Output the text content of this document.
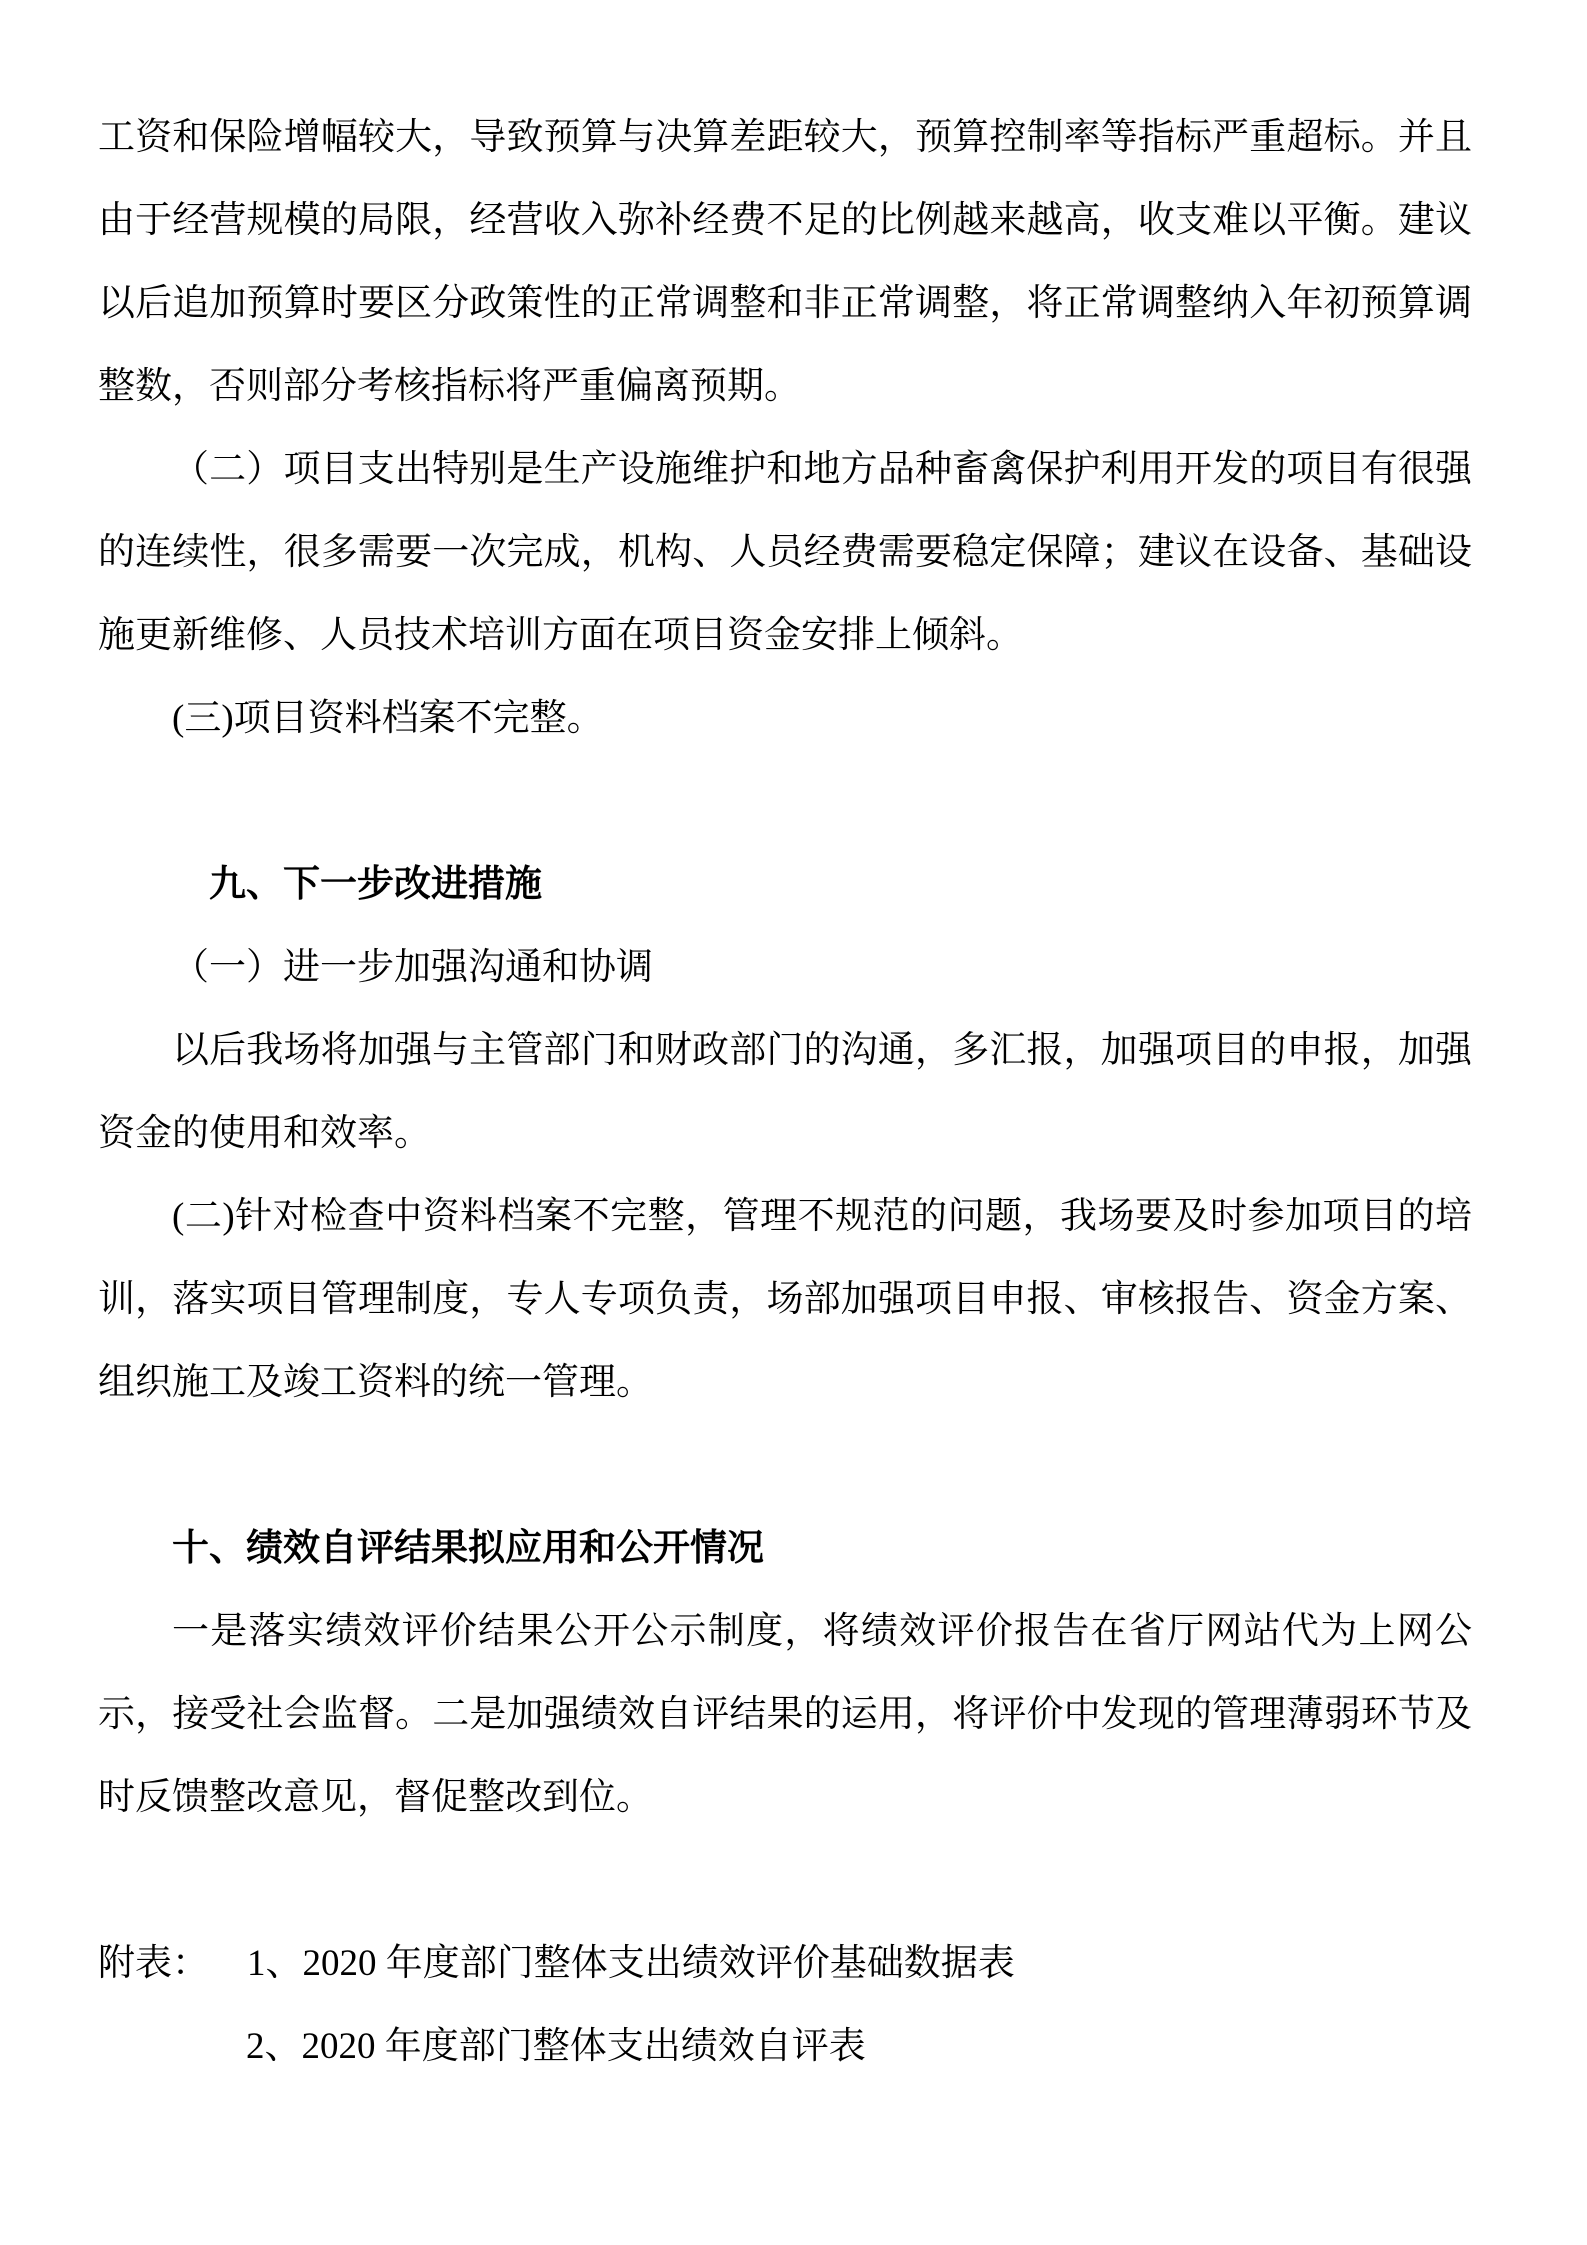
工资和保险增幅较大，导致预算与决算差距较大，预算控制率等指标严重超标。并且由于经营规模的局限，经营收入弥补经费不足的比例越来越高，收支难以平衡。建议以后追加预算时要区分政策性的正常调整和非正常调整，将正常调整纳入年初预算调整数，否则部分考核指标将严重偏离预期。

（二）项目支出特别是生产设施维护和地方品种畜禽保护利用开发的项目有很强的连续性，很多需要一次完成，机构、人员经费需要稳定保障；建议在设备、基础设施更新维修、人员技术培训方面在项目资金安排上倾斜。

(三)项目资料档案不完整。

九、下一步改进措施

（一）进一步加强沟通和协调

以后我场将加强与主管部门和财政部门的沟通，多汇报，加强项目的申报，加强资金的使用和效率。

(二)针对检查中资料档案不完整，管理不规范的问题，我场要及时参加项目的培训，落实项目管理制度，专人专项负责，场部加强项目申报、审核报告、资金方案、组织施工及竣工资料的统一管理。

十、绩效自评结果拟应用和公开情况

一是落实绩效评价结果公开公示制度，将绩效评价报告在省厅网站代为上网公示，接受社会监督。二是加强绩效自评结果的运用，将评价中发现的管理薄弱环节及时反馈整改意见，督促整改到位。

附表： 1、2020 年度部门整体支出绩效评价基础数据表

2、2020 年度部门整体支出绩效自评表
